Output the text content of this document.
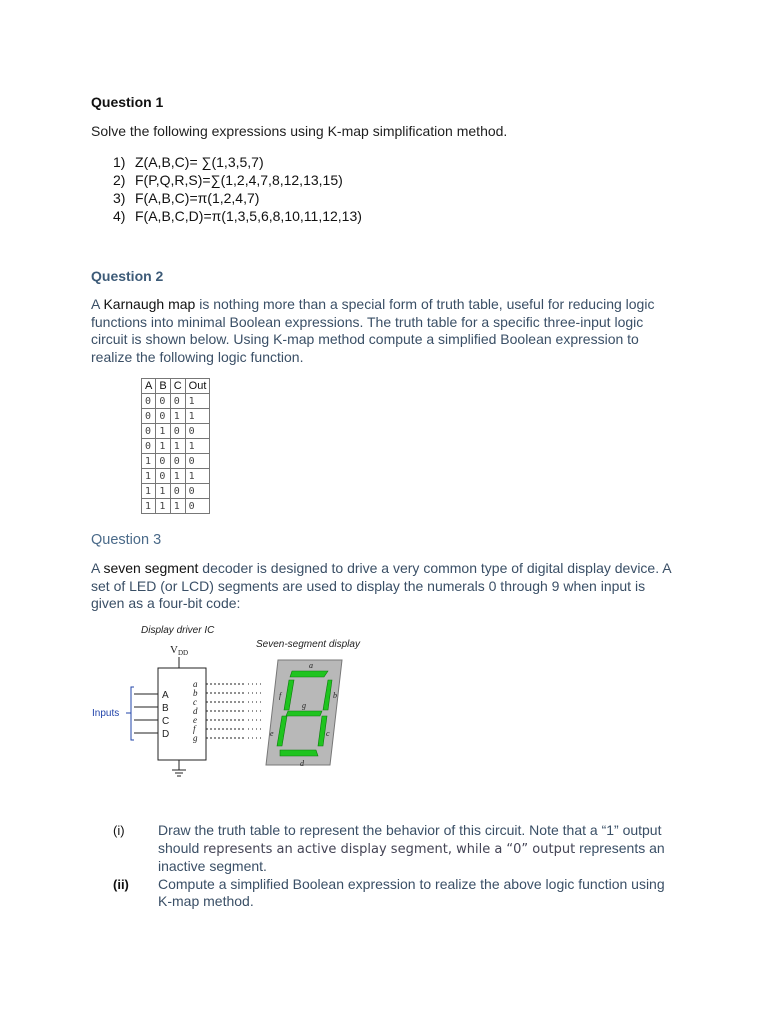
Question 1
Solve the following expressions using K-map simplification method.
1) Z(A,B,C)= ∑(1,3,5,7)
2) F(P,Q,R,S)=∑(1,2,4,7,8,12,13,15)
3) F(A,B,C)=π(1,2,4,7)
4) F(A,B,C,D)=π(1,3,5,6,8,10,11,12,13)
Question 2
A Karnaugh map is nothing more than a special form of truth table, useful for reducing logic functions into minimal Boolean expressions. The truth table for a specific three-input logic circuit is shown below. Using K-map method compute a simplified Boolean expression to realize the following logic function.
A	B	C	Out
0	0	0	1
0	0	1	1
0	1	0	0
0	1	1	1
1	0	0	0
1	0	1	1
1	1	0	0
1	1	1	0
Question 3
A seven segment decoder is designed to drive a very common type of digital display device. A set of LED (or LCD) segments are used to display the numerals 0 through 9 when input is given as a four-bit code:
Display driver IC
Seven-segment display
VDD
Inputs
A
B
C
D
a
b
c
d
e
f
g
a
b
c
d
e
f
g
(i) Draw the truth table to represent the behavior of this circuit. Note that a “1” output should represents an active display segment, while a “0” output represents an inactive segment.
(ii) Compute a simplified Boolean expression to realize the above logic function using K-map method.
